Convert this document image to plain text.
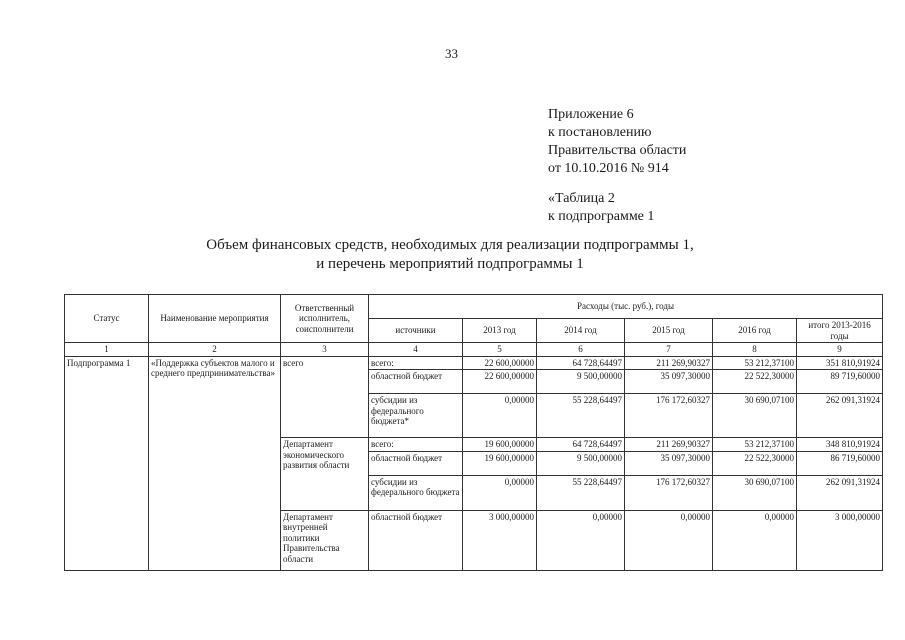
33
Приложение 6
к постановлению
Правительства области
от 10.10.2016 № 914
«Таблица 2
к подпрограмме 1
Объем финансовых средств, необходимых для реализации подпрограммы 1,
и перечень мероприятий подпрограммы 1
Статус	Наименование мероприятия	Ответственный исполнитель, соисполнители	Расходы (тыс. руб.), годы					
			источники	2013 год	2014 год	2015 год	2016 год	итого 2013-2016 годы
1	2	3	4	5	6	7	8	9
Подпрограмма 1	«Поддержка субъектов малого и среднего предпринимательства»	всего	всего:	22 600,00000	64 728,64497	211 269,90327	53 212,37100	351 810,91924
			областной бюджет	22 600,00000	9 500,00000	35 097,30000	22 522,30000	89 719,60000
			субсидии из федерального бюджета*	0,00000	55 228,64497	176 172,60327	30 690,07100	262 091,31924
		Департамент экономического развития области	всего:	19 600,00000	64 728,64497	211 269,90327	53 212,37100	348 810,91924
			областной бюджет	19 600,00000	9 500,00000	35 097,30000	22 522,30000	86 719,60000
			субсидии из федерального бюджета	0,00000	55 228,64497	176 172,60327	30 690,07100	262 091,31924
		Департамент внутренней политики Правительства области	областной бюджет	3 000,00000	0,00000	0,00000	0,00000	3 000,00000
